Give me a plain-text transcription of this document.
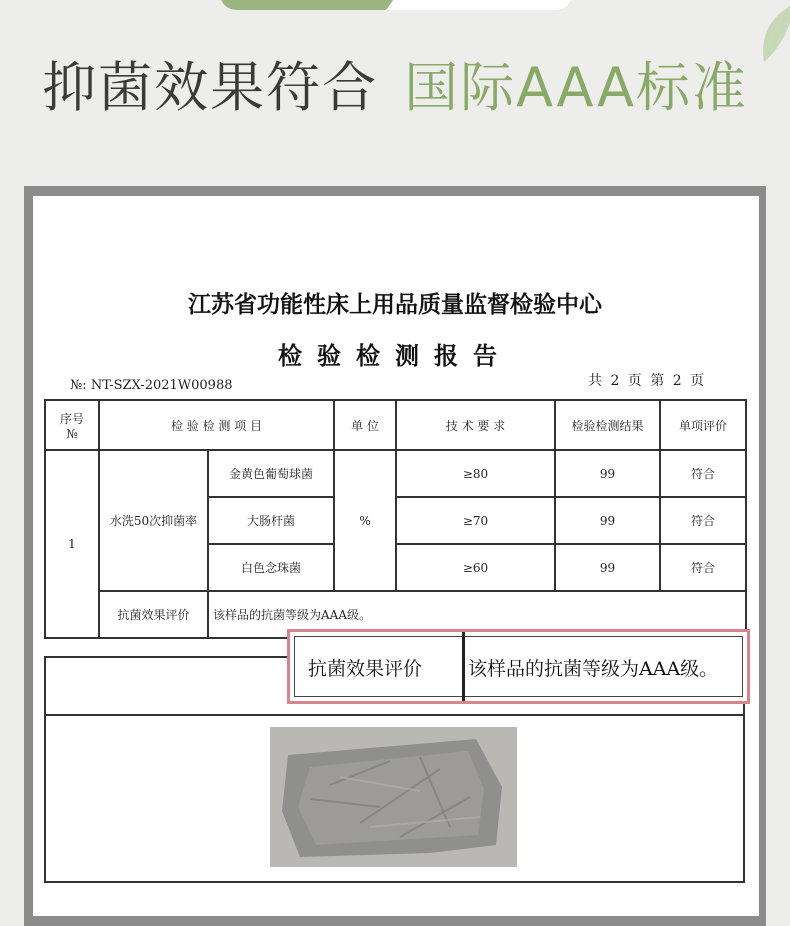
抑菌效果符合 国际AAA标准
江苏省功能性床上用品质量监督检验中心
检验检测报告
№: NT-SZX-2021W00988	共 2 页 第 2 页
序号
№	检 验 检 测 项 目		单 位	技 术 要 求	检验检测结果	单项评价
1	水洗50次抑菌率	金黄色葡萄球菌	%	≥80	99	符合
		大肠杆菌		≥70	99	符合
		白色念珠菌		≥60	99	符合
	抗菌效果评价	该样品的抗菌等级为AAA级。				
抗菌效果评价 该样品的抗菌等级为AAA级。
